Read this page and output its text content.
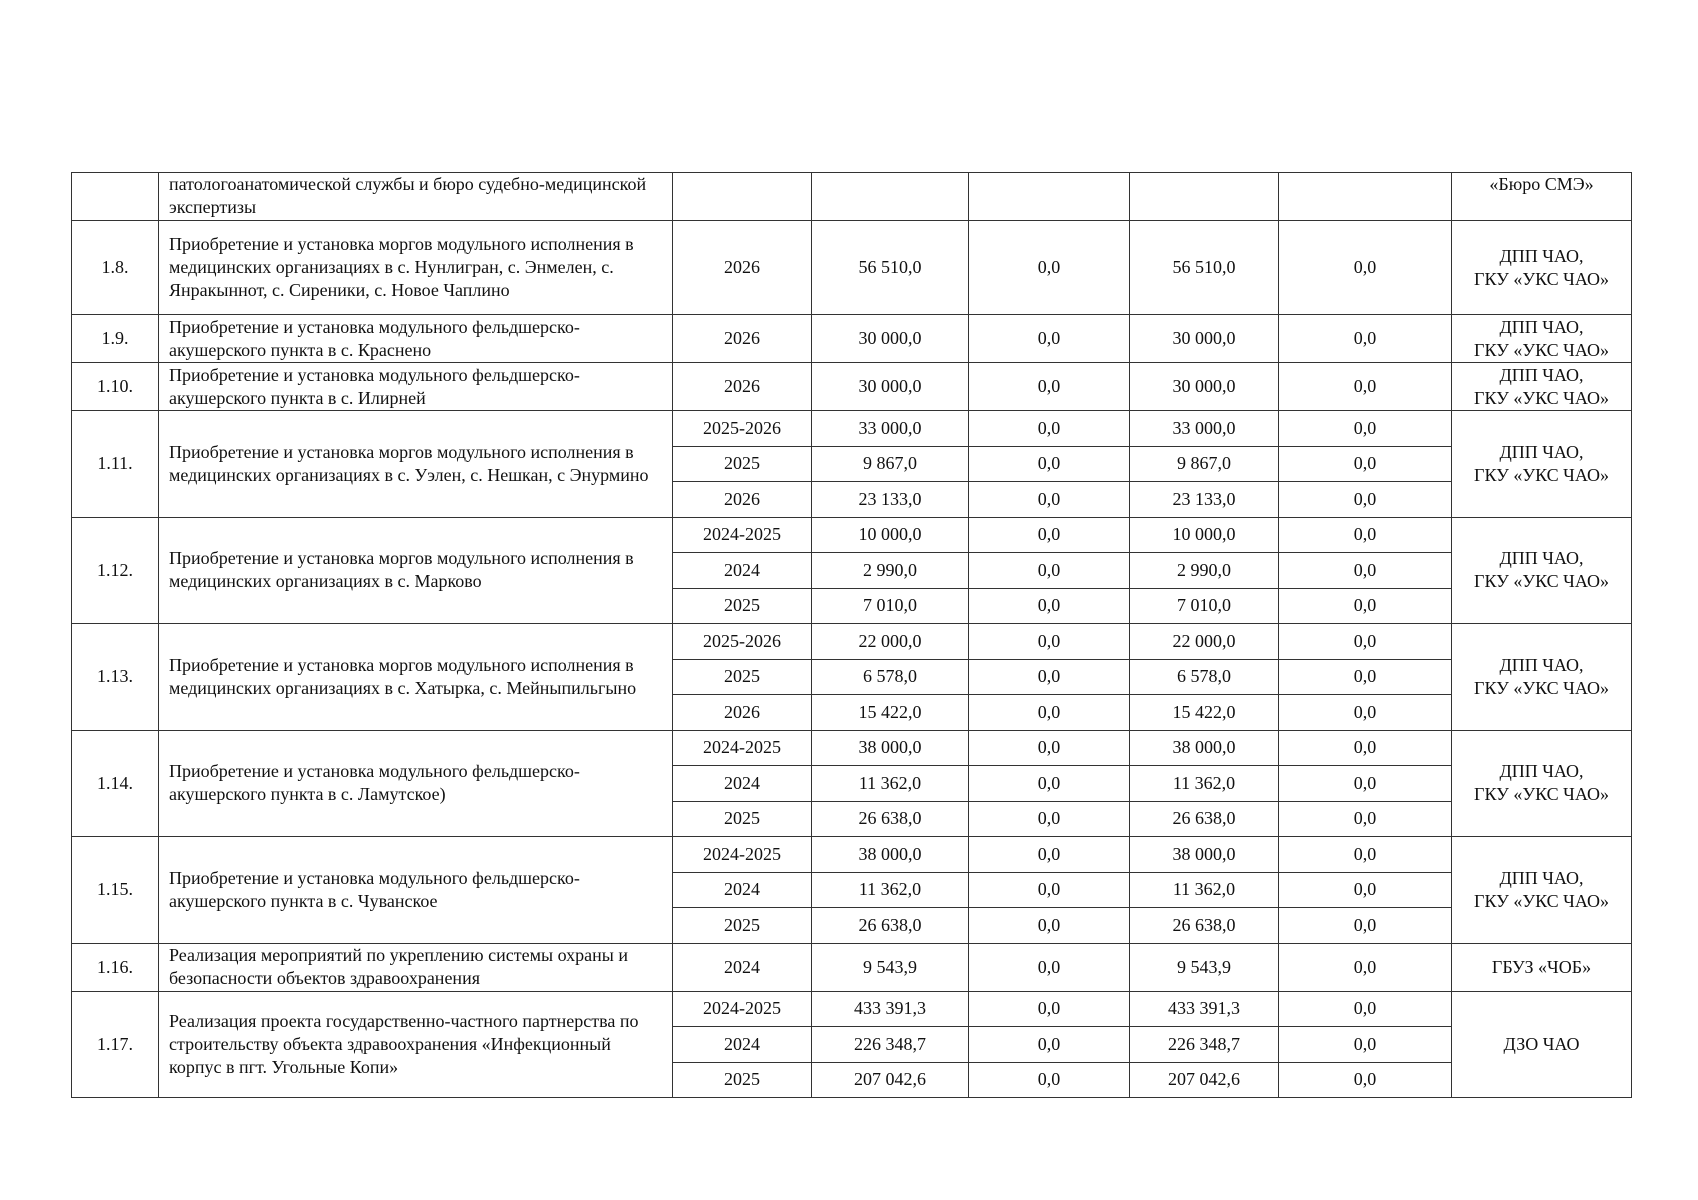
	патологоанатомической службы и бюро судебно-медицинской экспертизы						«Бюро СМЭ»
1.8.	Приобретение и установка моргов модульного исполнения в медицинских организациях в с. Нунлигран, с. Энмелен, с. Янракыннот, с. Сиреники, с. Новое Чаплино	2026	56 510,0	0,0	56 510,0	0,0	ДПП ЧАО,
ГКУ «УКС ЧАО»
1.9.	Приобретение и установка модульного фельдшерско-акушерского пункта в с. Краснено	2026	30 000,0	0,0	30 000,0	0,0	ДПП ЧАО,
ГКУ «УКС ЧАО»
1.10.	Приобретение и установка модульного фельдшерско-акушерского пункта в с. Илирней	2026	30 000,0	0,0	30 000,0	0,0	ДПП ЧАО,
ГКУ «УКС ЧАО»
1.11.	Приобретение и установка моргов модульного исполнения в медицинских организациях в с. Уэлен, с. Нешкан, с Энурмино	2025-2026	33 000,0	0,0	33 000,0	0,0	ДПП ЧАО,
ГКУ «УКС ЧАО»
		2025	9 867,0	0,0	9 867,0	0,0	
		2026	23 133,0	0,0	23 133,0	0,0	
1.12.	Приобретение и установка моргов модульного исполнения в медицинских организациях в с. Марково	2024-2025	10 000,0	0,0	10 000,0	0,0	ДПП ЧАО,
ГКУ «УКС ЧАО»
		2024	2 990,0	0,0	2 990,0	0,0	
		2025	7 010,0	0,0	7 010,0	0,0	
1.13.	Приобретение и установка моргов модульного исполнения в медицинских организациях в с. Хатырка, с. Мейныпильгыно	2025-2026	22 000,0	0,0	22 000,0	0,0	ДПП ЧАО,
ГКУ «УКС ЧАО»
		2025	6 578,0	0,0	6 578,0	0,0	
		2026	15 422,0	0,0	15 422,0	0,0	
1.14.	Приобретение и установка модульного фельдшерско-акушерского пункта в с. Ламутское)	2024-2025	38 000,0	0,0	38 000,0	0,0	ДПП ЧАО,
ГКУ «УКС ЧАО»
		2024	11 362,0	0,0	11 362,0	0,0	
		2025	26 638,0	0,0	26 638,0	0,0	
1.15.	Приобретение и установка модульного фельдшерско-акушерского пункта в с. Чуванское	2024-2025	38 000,0	0,0	38 000,0	0,0	ДПП ЧАО,
ГКУ «УКС ЧАО»
		2024	11 362,0	0,0	11 362,0	0,0	
		2025	26 638,0	0,0	26 638,0	0,0	
1.16.	Реализация мероприятий по укреплению системы охраны и безопасности объектов здравоохранения	2024	9 543,9	0,0	9 543,9	0,0	ГБУЗ «ЧОБ»
1.17.	Реализация проекта государственно-частного партнерства по строительству объекта здравоохранения «Инфекционный корпус в пгт. Угольные Копи»	2024-2025	433 391,3	0,0	433 391,3	0,0	ДЗО ЧАО
		2024	226 348,7	0,0	226 348,7	0,0	
		2025	207 042,6	0,0	207 042,6	0,0	
